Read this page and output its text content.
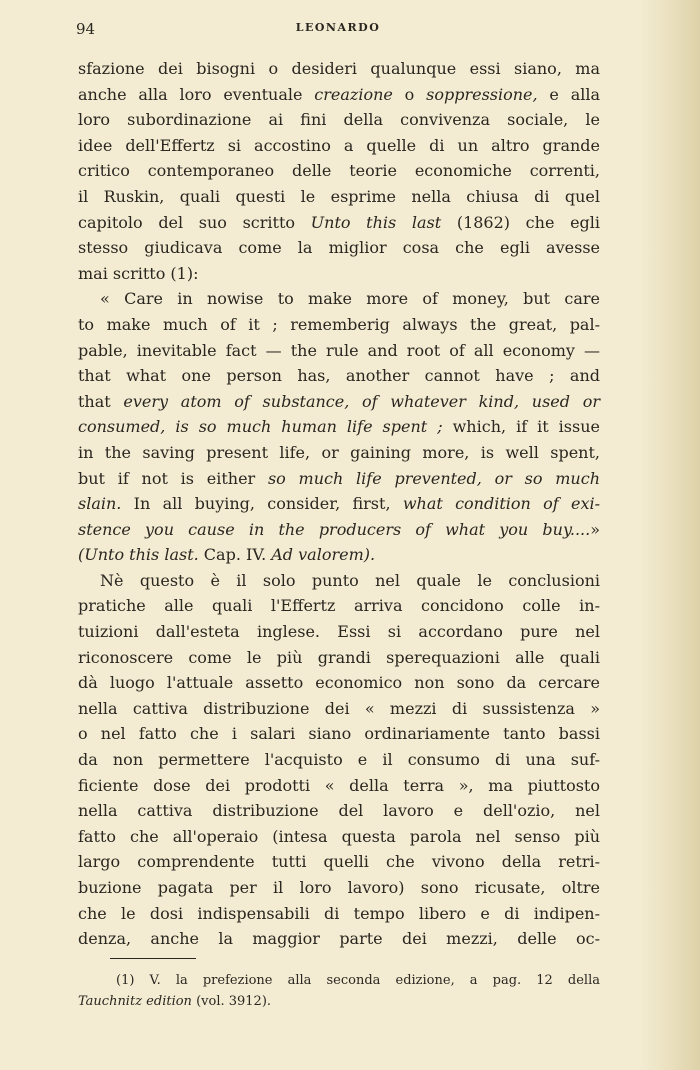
94	LEONARDO
sfazione dei bisogni o desideri qualunque essi siano, ma
anche alla loro eventuale creazione o soppressione, e alla
loro subordinazione ai fini della convivenza sociale, le
idee dell'Effertz si accostino a quelle di un altro grande
critico contemporaneo delle teorie economiche correnti,
il Ruskin, quali questi le esprime nella chiusa di quel
capitolo del suo scritto Unto this last (1862) che egli
stesso giudicava come la miglior cosa che egli avesse
mai scritto (1):
« Care in nowise to make more of money, but care
to make much of it ; rememberig always the great, pal-
pable, inevitable fact — the rule and root of all economy —
that what one person has, another cannot have ; and
that every atom of substance, of whatever kind, used or
consumed, is so much human life spent ; which, if it issue
in the saving present life, or gaining more, is well spent,
but if not is either so much life prevented, or so much
slain. In all buying, consider, first, what condition of exi-
stence you cause in the producers of what you buy....»
(Unto this last. Cap. IV. Ad valorem).
Nè questo è il solo punto nel quale le conclusioni
pratiche alle quali l'Effertz arriva concidono colle in-
tuizioni dall'esteta inglese. Essi si accordano pure nel
riconoscere come le più grandi sperequazioni alle quali
dà luogo l'attuale assetto economico non sono da cercare
nella cattiva distribuzione dei « mezzi di sussistenza »
o nel fatto che i salari siano ordinariamente tanto bassi
da non permettere l'acquisto e il consumo di una suf-
ficiente dose dei prodotti « della terra », ma piuttosto
nella cattiva distribuzione del lavoro e dell'ozio, nel
fatto che all'operaio (intesa questa parola nel senso più
largo comprendente tutti quelli che vivono della retri-
buzione pagata per il loro lavoro) sono ricusate, oltre
che le dosi indispensabili di tempo libero e di indipen-
denza, anche la maggior parte dei mezzi, delle oc-
(1) V. la prefezione alla seconda edizione, a pag. 12 della
Tauchnitz edition (vol. 3912).
